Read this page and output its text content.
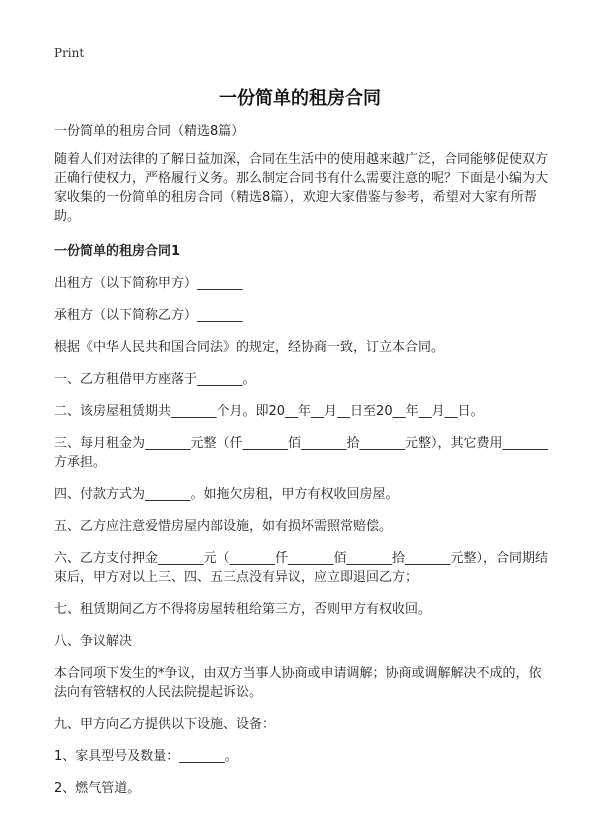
Print
一份简单的租房合同

一份简单的租房合同（精选8篇）

随着人们对法律的了解日益加深，合同在生活中的使用越来越广泛，合同能够促使双方正确行使权力，严格履行义务。那么制定合同书有什么需要注意的呢？下面是小编为大家收集的一份简单的租房合同（精选8篇），欢迎大家借鉴与参考，希望对大家有所帮助。

一份简单的租房合同1

出租方（以下简称甲方）_______

承租方（以下简称乙方）_______

根据《中华人民共和国合同法》的规定，经协商一致，订立本合同。

一、乙方租借甲方座落于_______。

二、该房屋租赁期共_______个月。即20__年__月__日至20__年__月__日。

三、每月租金为_______元整（仟_______佰_______拾_______元整），其它费用_______方承担。

四、付款方式为_______。如拖欠房租，甲方有权收回房屋。

五、乙方应注意爱惜房屋内部设施，如有损坏需照常赔偿。

六、乙方支付押金_______元（_______仟_______佰_______拾_______元整），合同期结束后，甲方对以上三、四、五三点没有异议，应立即退回乙方；

七、租赁期间乙方不得将房屋转租给第三方，否则甲方有权收回。

八、争议解决

本合同项下发生的*争议，由双方当事人协商或申请调解；协商或调解解决不成的，依法向有管辖权的人民法院提起诉讼。

九、甲方向乙方提供以下设施、设备：

1、家具型号及数量：_______。

2、燃气管道。
